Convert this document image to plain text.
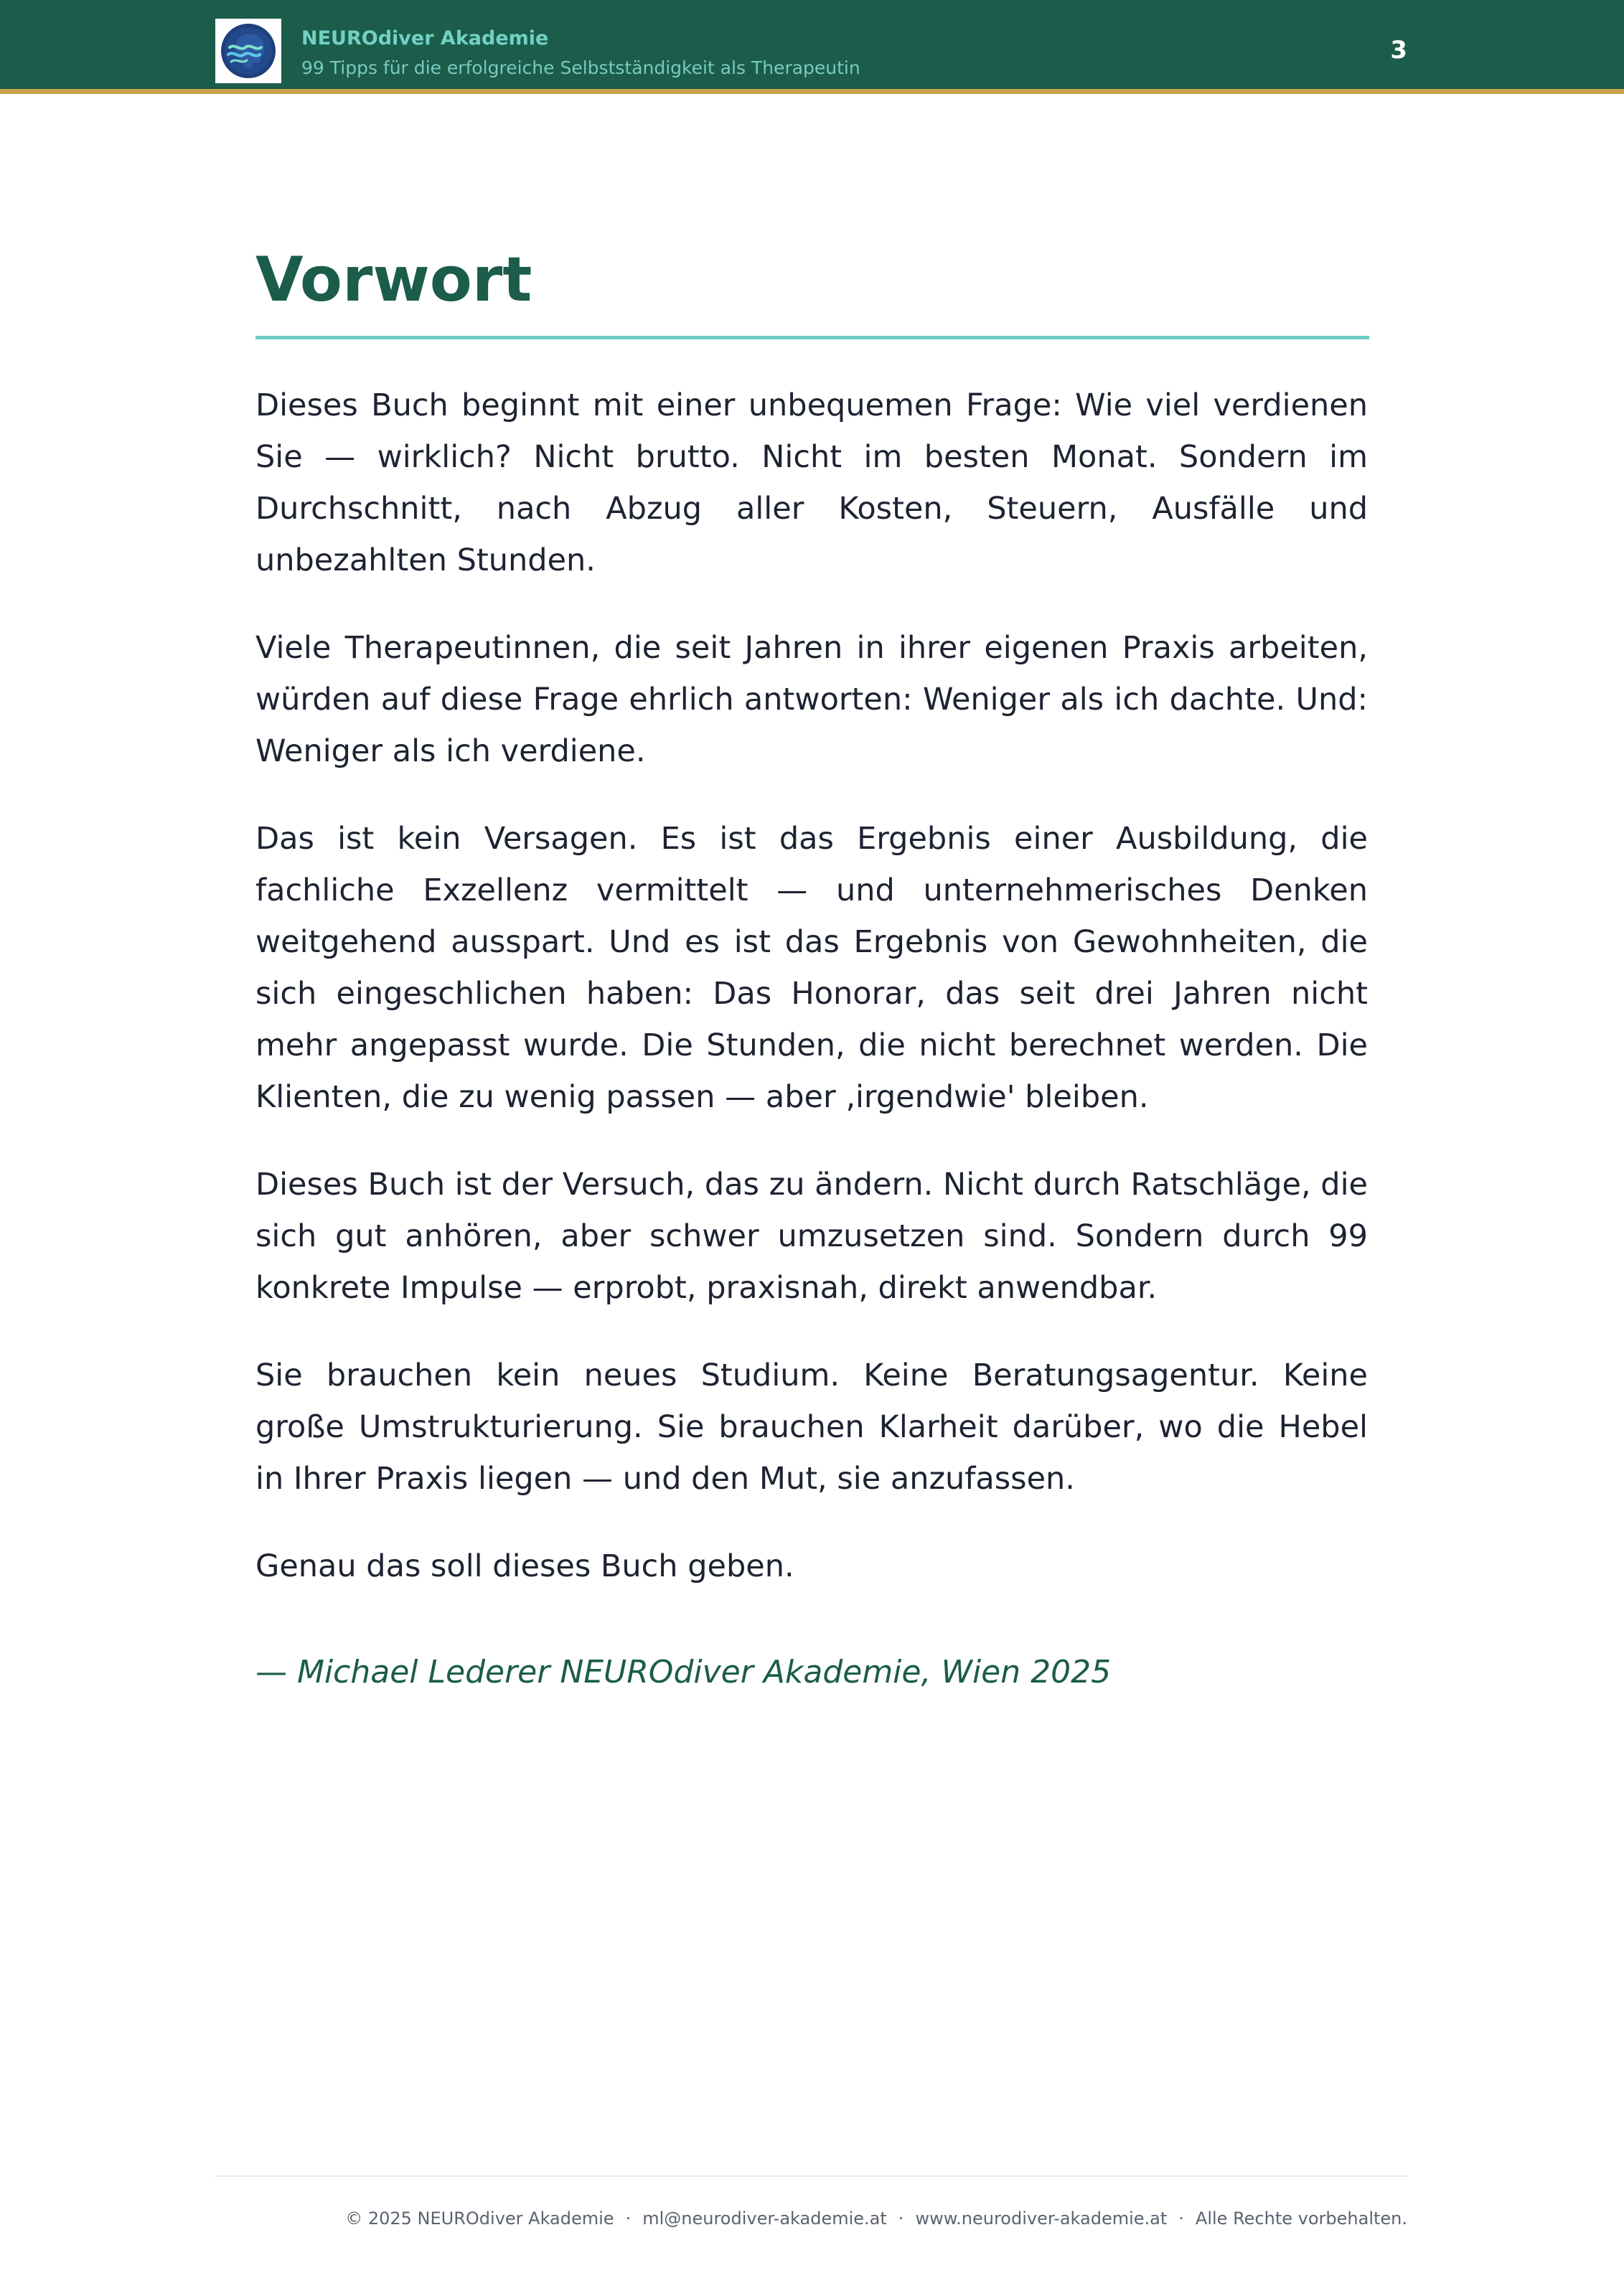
NEUROdiver Akademie
99 Tipps für die erfolgreiche Selbstständigkeit als Therapeutin
3
Vorwort

Dieses Buch beginnt mit einer unbequemen Frage: Wie viel verdienen Sie — wirklich? Nicht brutto. Nicht im besten Monat. Sondern im Durchschnitt, nach Abzug aller Kosten, Steuern, Ausfälle und unbezahlten Stunden.

Viele Therapeutinnen, die seit Jahren in ihrer eigenen Praxis arbeiten, würden auf diese Frage ehrlich antworten: Weniger als ich dachte. Und: Weniger als ich verdiene.

Das ist kein Versagen. Es ist das Ergebnis einer Ausbildung, die fachliche Exzellenz vermittelt — und unternehmerisches Denken weitgehend ausspart. Und es ist das Ergebnis von Gewohnheiten, die sich eingeschlichen haben: Das Honorar, das seit drei Jahren nicht mehr angepasst wurde. Die Stunden, die nicht berechnet werden. Die Klienten, die zu wenig passen — aber ‚irgendwie' bleiben.

Dieses Buch ist der Versuch, das zu ändern. Nicht durch Ratschläge, die sich gut anhören, aber schwer umzusetzen sind. Sondern durch 99 konkrete Impulse — erprobt, praxisnah, direkt anwendbar.

Sie brauchen kein neues Studium. Keine Beratungsagentur. Keine große Umstrukturierung. Sie brauchen Klarheit darüber, wo die Hebel in Ihrer Praxis liegen — und den Mut, sie anzufassen.

Genau das soll dieses Buch geben.

— Michael Lederer NEUROdiver Akademie, Wien 2025
© 2025 NEUROdiver Akademie · ml@neurodiver-akademie.at · www.neurodiver-akademie.at · Alle Rechte vorbehalten.
